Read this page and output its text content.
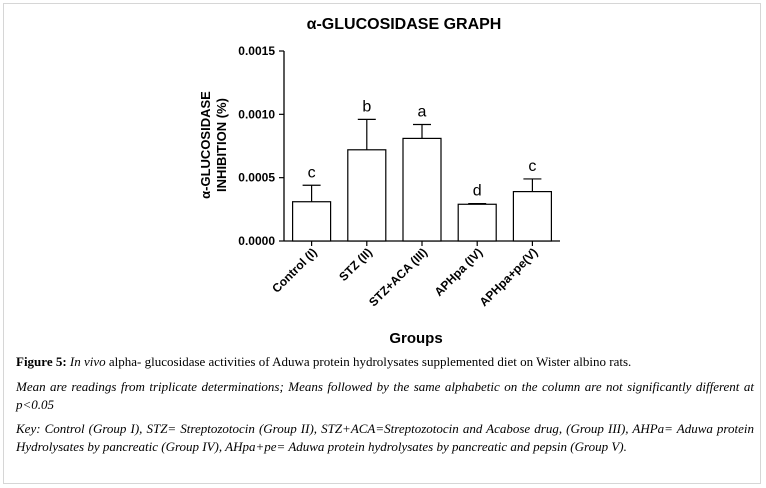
α-GLUCOSIDASE GRAPH
α-GLUCOSIDASE INHIBITION (%)
0.0000
0.0005
0.0010
0.0015
c
Control (I)
b
STZ (II)
a
STZ+ACA (III)
d
APHpa (IV)
c
APHpa+pe(V)
Groups
Figure 5: In vivo alpha- glucosidase activities of Aduwa protein hydrolysates supplemented diet on Wister albino rats.
Mean are readings from triplicate determinations; Means followed by the same alphabetic on the column are not significantly different at p<0.05
Key: Control (Group I), STZ= Streptozotocin (Group II), STZ+ACA=Streptozotocin and Acabose drug, (Group III), AHPa= Aduwa protein Hydrolysates by pancreatic (Group IV), AHpa+pe= Aduwa protein hydrolysates by pancreatic and pepsin (Group V).
